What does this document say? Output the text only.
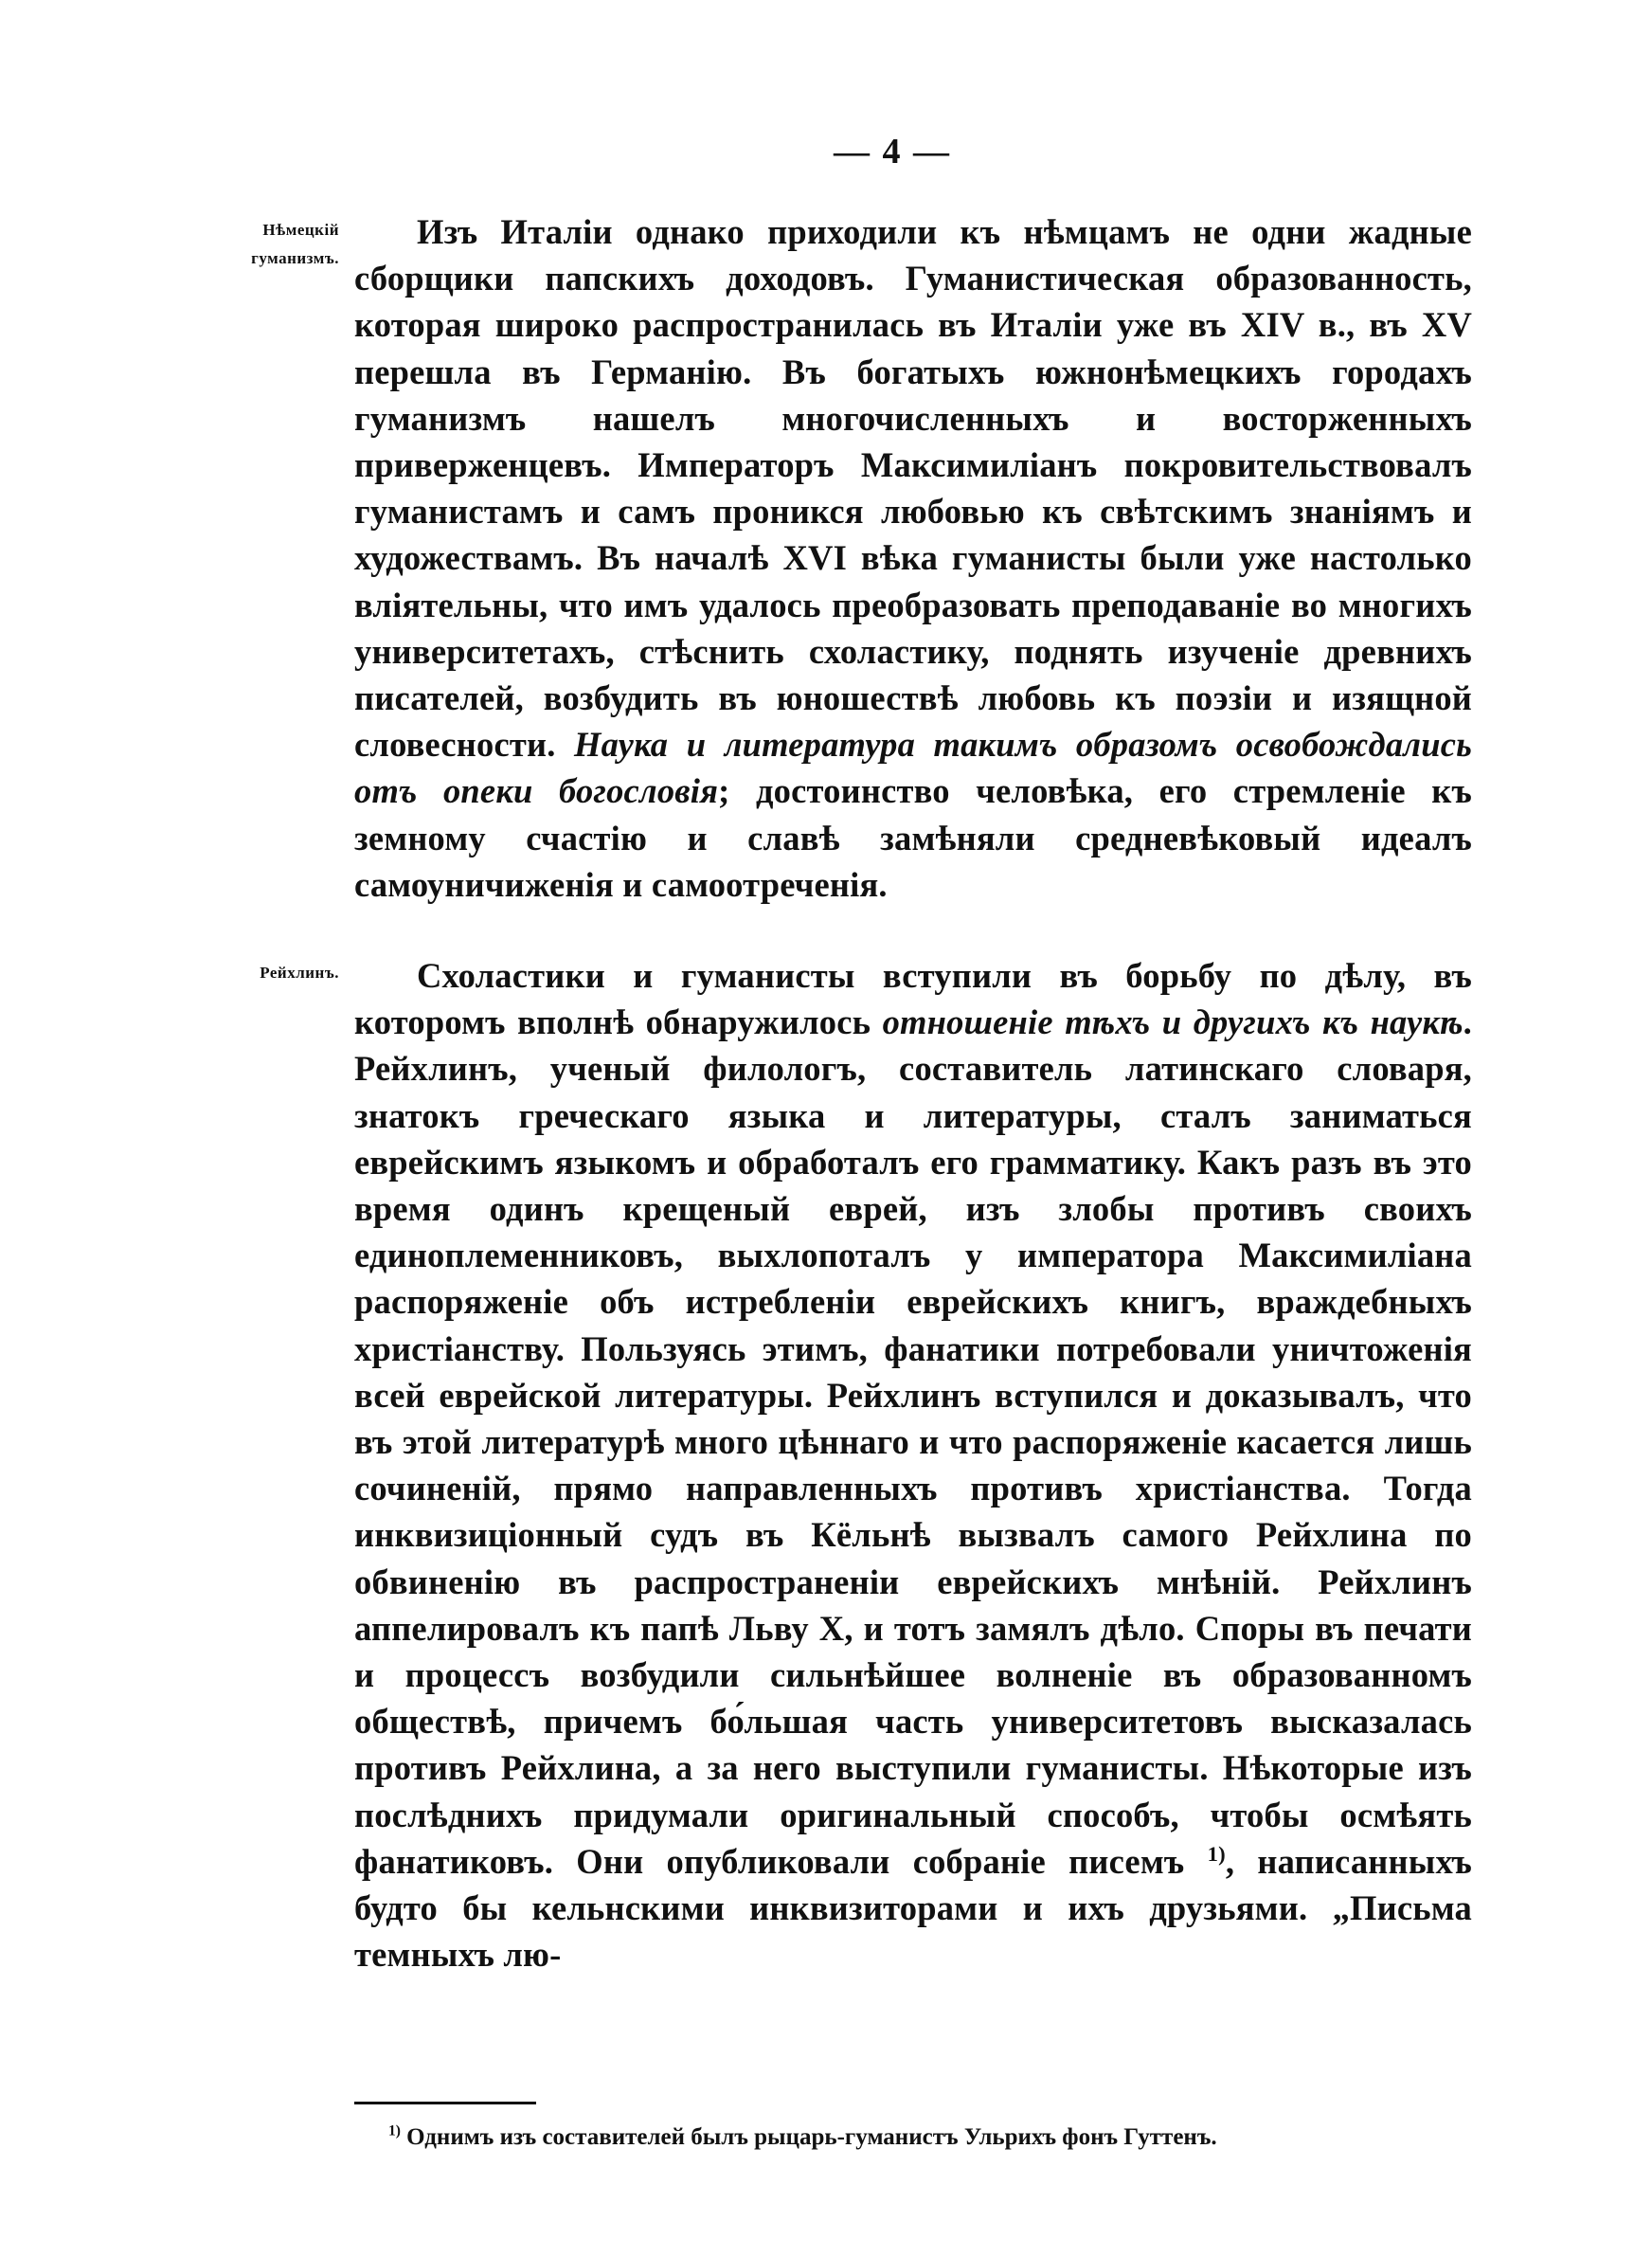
— 4 —
Нѣмецкій гуманизмъ.

Изъ Италіи однако приходили къ нѣмцамъ не одни жадные сборщики папскихъ доходовъ. Гуманистическая образованность, которая широко распространилась въ Италіи уже въ XIV в., въ XV перешла въ Германію. Въ богатыхъ южнонѣмецкихъ городахъ гуманизмъ нашелъ многочисленныхъ и восторженныхъ приверженцевъ. Императоръ Максимиліанъ покровительствовалъ гуманистамъ и самъ проникся любовью къ свѣтскимъ знаніямъ и художествамъ. Въ началѣ XVI вѣка гуманисты были уже настолько вліятельны, что имъ удалось преобразовать преподаваніе во многихъ университетахъ, стѣснить схоластику, поднять изученіе древнихъ писателей, возбудить въ юношествѣ любовь къ поэзіи и изящной словесности. Наука и литература такимъ образомъ освобождались отъ опеки богословія; достоинство человѣка, его стремленіе къ земному счастію и славѣ замѣняли средневѣковый идеалъ самоуничиженія и самоотреченія.

Рейхлинъ.	Схоластики и гуманисты вступили въ борьбу по дѣлу, въ которомъ вполнѣ обнаружилось отношеніе тѣхъ и другихъ къ наукѣ. Рейхлинъ, ученый филологъ, составитель латинскаго словаря, знатокъ греческаго языка и литературы, сталъ заниматься еврейскимъ языкомъ и обработалъ его грамматику. Какъ разъ въ это время одинъ крещеный еврей, изъ злобы противъ своихъ единоплеменниковъ, выхлопоталъ у императора Максимиліана распоряженіе объ истребленіи еврейскихъ книгъ, враждебныхъ христіанству. Пользуясь этимъ, фанатики потребовали уничтоженія всей еврейской литературы. Рейхлинъ вступился и доказывалъ, что въ этой литературѣ много цѣннаго и что распоряженіе касается лишь сочиненій, прямо направленныхъ противъ христіанства. Тогда инквизиціонный судъ въ Кёльнѣ вызвалъ самого Рейхлина по обвиненію въ распространеніи еврейскихъ мнѣній. Рейхлинъ аппелировалъ къ папѣ Льву X, и тотъ замялъ дѣло. Споры въ печати и процессъ возбудили сильнѣйшее волненіе въ образованномъ обществѣ, причемъ бо́льшая часть университетовъ высказалась противъ Рейхлина, а за него выступили гуманисты. Нѣкоторые изъ послѣднихъ придумали оригинальный способъ, чтобы осмѣять фанатиковъ. Они опубликовали собраніе писемъ $^{1)}$, написанныхъ будто бы кельнскими инквизиторами и ихъ друзьями. „Письма темныхъ лю-

$^{1)}$ Однимъ изъ составителей былъ рыцарь-гуманистъ Ульрихъ фонъ Гуттенъ.
